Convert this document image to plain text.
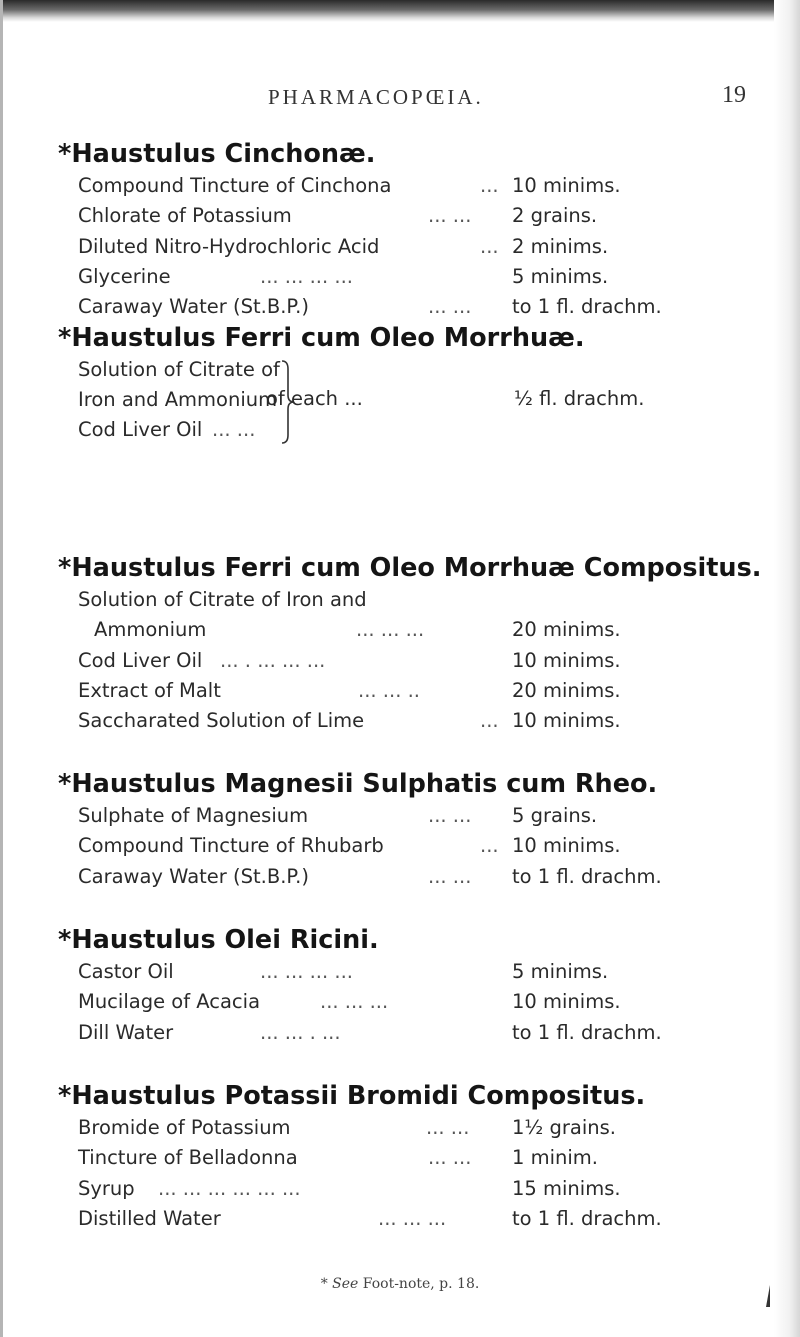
PHARMACOPŒIA.	19
*Haustulus Cinchonæ.
Compound Tincture of Cinchona	... 10 minims.
Chlorate of Potassium	... ... 2 grains.
Diluted Nitro-Hydrochloric Acid	... 2 minims.
Glycerine	... ... ... ...	5 minims.
Caraway Water (St.B.P.)	... ... to 1 fl. drachm.
*Haustulus Ferri cum Oleo Morrhuæ.
Solution of Citrate of
Iron and Ammonium
Cod Liver Oil ... ...
of each ...	½ fl. drachm.
*Haustulus Ferri cum Oleo Morrhuæ Compositus.
Solution of Citrate of Iron and
Ammonium	... ... ...	20 minims.
Cod Liver Oil ... . ... ... ...	10 minims.
Extract of Malt	... ... ..	20 minims.
Saccharated Solution of Lime	... 10 minims.
*Haustulus Magnesii Sulphatis cum Rheo.
Sulphate of Magnesium	... ... 5 grains.
Compound Tincture of Rhubarb	... 10 minims.
Caraway Water (St.B.P.)	... ... to 1 fl. drachm.
*Haustulus Olei Ricini.
Castor Oil	... ... ... ...	5 minims.
Mucilage of Acacia	... ... ...	10 minims.
Dill Water	... ... . ...	to 1 fl. drachm.
*Haustulus Potassii Bromidi Compositus.
Bromide of Potassium	... ... 1½ grains.
Tincture of Belladonna	... ... 1 minim.
Syrup ... ... ... ... ... ...	15 minims.
Distilled Water	... ... ...	to 1 fl. drachm.
* See Foot-note, p. 18.
